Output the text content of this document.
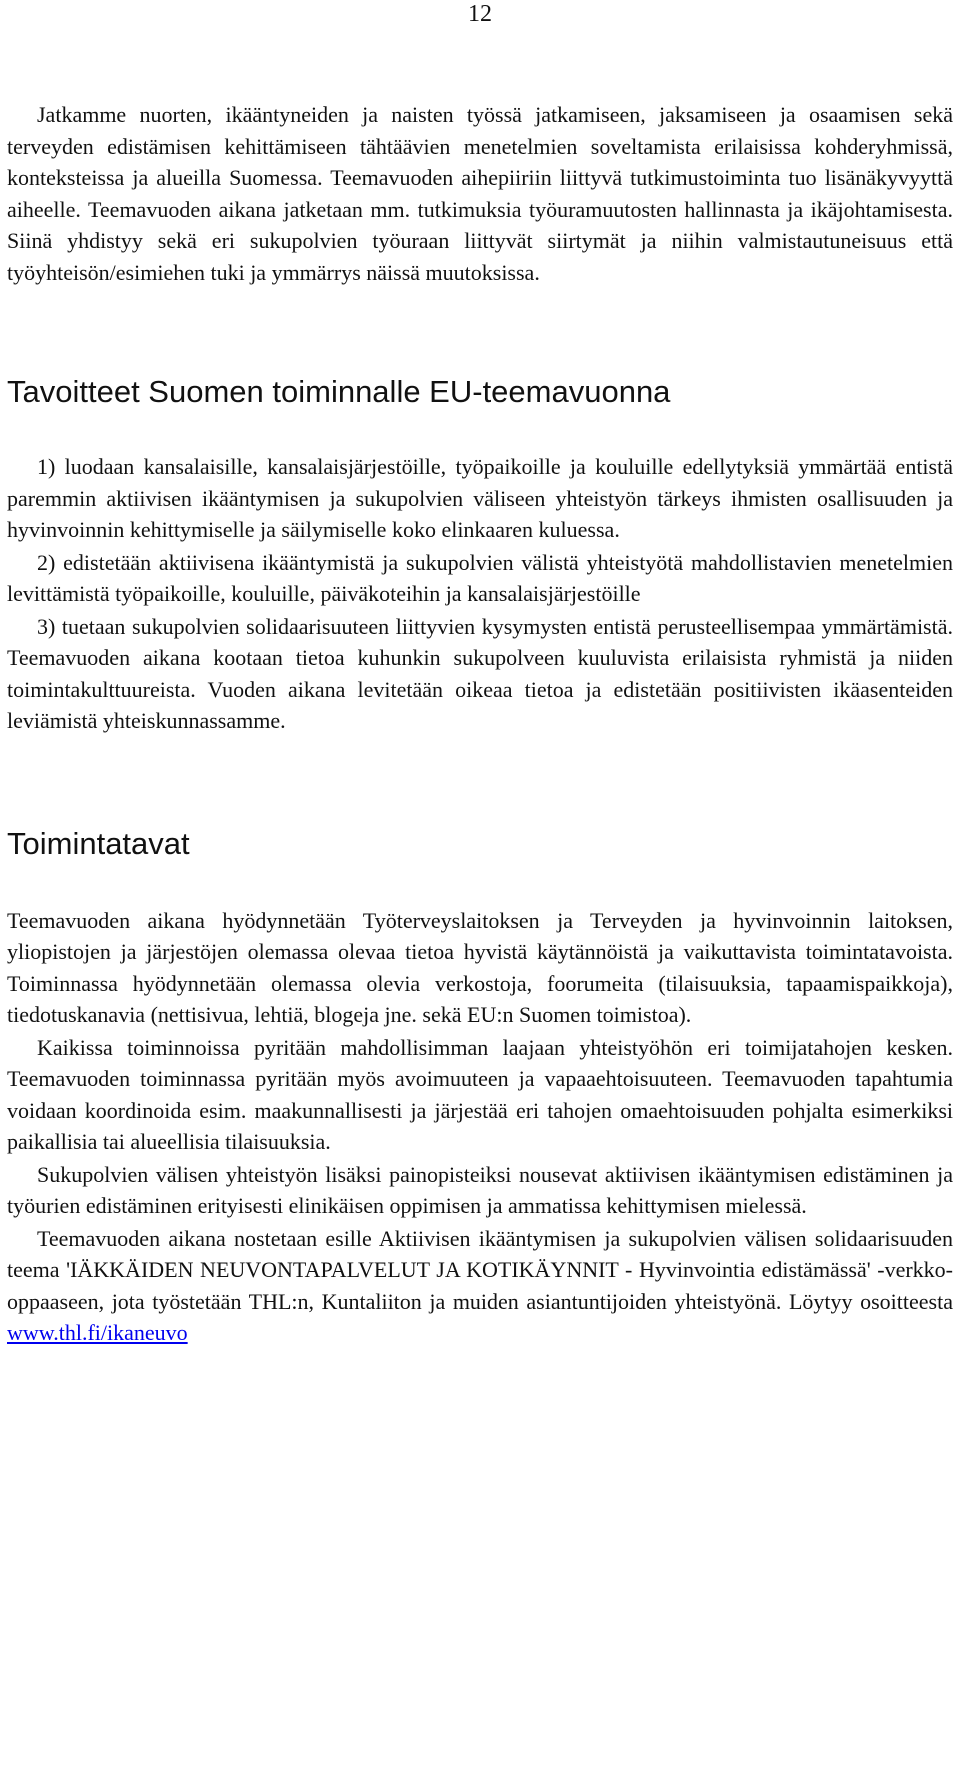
12

Jatkamme nuorten, ikääntyneiden ja naisten työssä jatkamiseen, jaksamiseen ja osaamisen sekä terveyden edistämisen kehittämiseen tähtäävien menetelmien soveltamista erilaisissa kohderyhmissä, konteksteissa ja alueilla Suomessa. Teemavuoden aihepiiriin liittyvä tutkimustoiminta tuo lisänäkyvyyttä aiheelle. Teemavuoden aikana jatketaan mm. tutkimuksia työuramuutosten hallinnasta ja ikäjohtamisesta. Siinä yhdistyy sekä eri sukupolvien työuraan liittyvät siirtymät ja niihin valmistautuneisuus että työyhteisön/esimiehen tuki ja ymmärrys näissä muutoksissa.

Tavoitteet Suomen toiminnalle EU-teemavuonna

1) luodaan kansalaisille, kansalaisjärjestöille, työpaikoille ja kouluille edellytyksiä ymmärtää entistä paremmin aktiivisen ikääntymisen ja sukupolvien väliseen yhteistyön tärkeys ihmisten osallisuuden ja hyvinvoinnin kehittymiselle ja säilymiselle koko elinkaaren kuluessa.

2) edistetään aktiivisena ikääntymistä ja sukupolvien välistä yhteistyötä mahdollistavien menetelmien levittämistä työpaikoille, kouluille, päiväkoteihin ja kansalaisjärjestöille

3) tuetaan sukupolvien solidaarisuuteen liittyvien kysymysten entistä perusteellisempaa ymmärtämistä. Teemavuoden aikana kootaan tietoa kuhunkin sukupolveen kuuluvista erilaisista ryhmistä ja niiden toimintakulttuureista. Vuoden aikana levitetään oikeaa tietoa ja edistetään positiivisten ikäasenteiden leviämistä yhteiskunnassamme.

Toimintatavat

Teemavuoden aikana hyödynnetään Työterveyslaitoksen ja Terveyden ja hyvinvoinnin laitoksen, yliopistojen ja järjestöjen olemassa olevaa tietoa hyvistä käytännöistä ja vaikuttavista toimintatavoista. Toiminnassa hyödynnetään olemassa olevia verkostoja, foorumeita (tilaisuuksia, tapaamispaikkoja), tiedotuskanavia (nettisivua, lehtiä, blogeja jne. sekä EU:n Suomen toimistoa).

Kaikissa toiminnoissa pyritään mahdollisimman laajaan yhteistyöhön eri toimijatahojen kesken. Teemavuoden toiminnassa pyritään myös avoimuuteen ja vapaaehtoisuuteen. Teemavuoden tapahtumia voidaan koordinoida esim. maakunnallisesti ja järjestää eri tahojen omaehtoisuuden pohjalta esimerkiksi paikallisia tai alueellisia tilaisuuksia.

Sukupolvien välisen yhteistyön lisäksi painopisteiksi nousevat aktiivisen ikääntymisen edistäminen ja työurien edistäminen erityisesti elinikäisen oppimisen ja ammatissa kehittymisen mielessä.

Teemavuoden aikana nostetaan esille Aktiivisen ikääntymisen ja sukupolvien välisen solidaarisuuden teema 'IÄKKÄIDEN NEUVONTAPALVELUT JA KOTIKÄYNNIT - Hyvinvointia edistämässä' -verkko-oppaaseen, jota työstetään THL:n, Kuntaliiton ja muiden asiantuntijoiden yhteistyönä. Löytyy osoitteesta www.thl.fi/ikaneuvo
